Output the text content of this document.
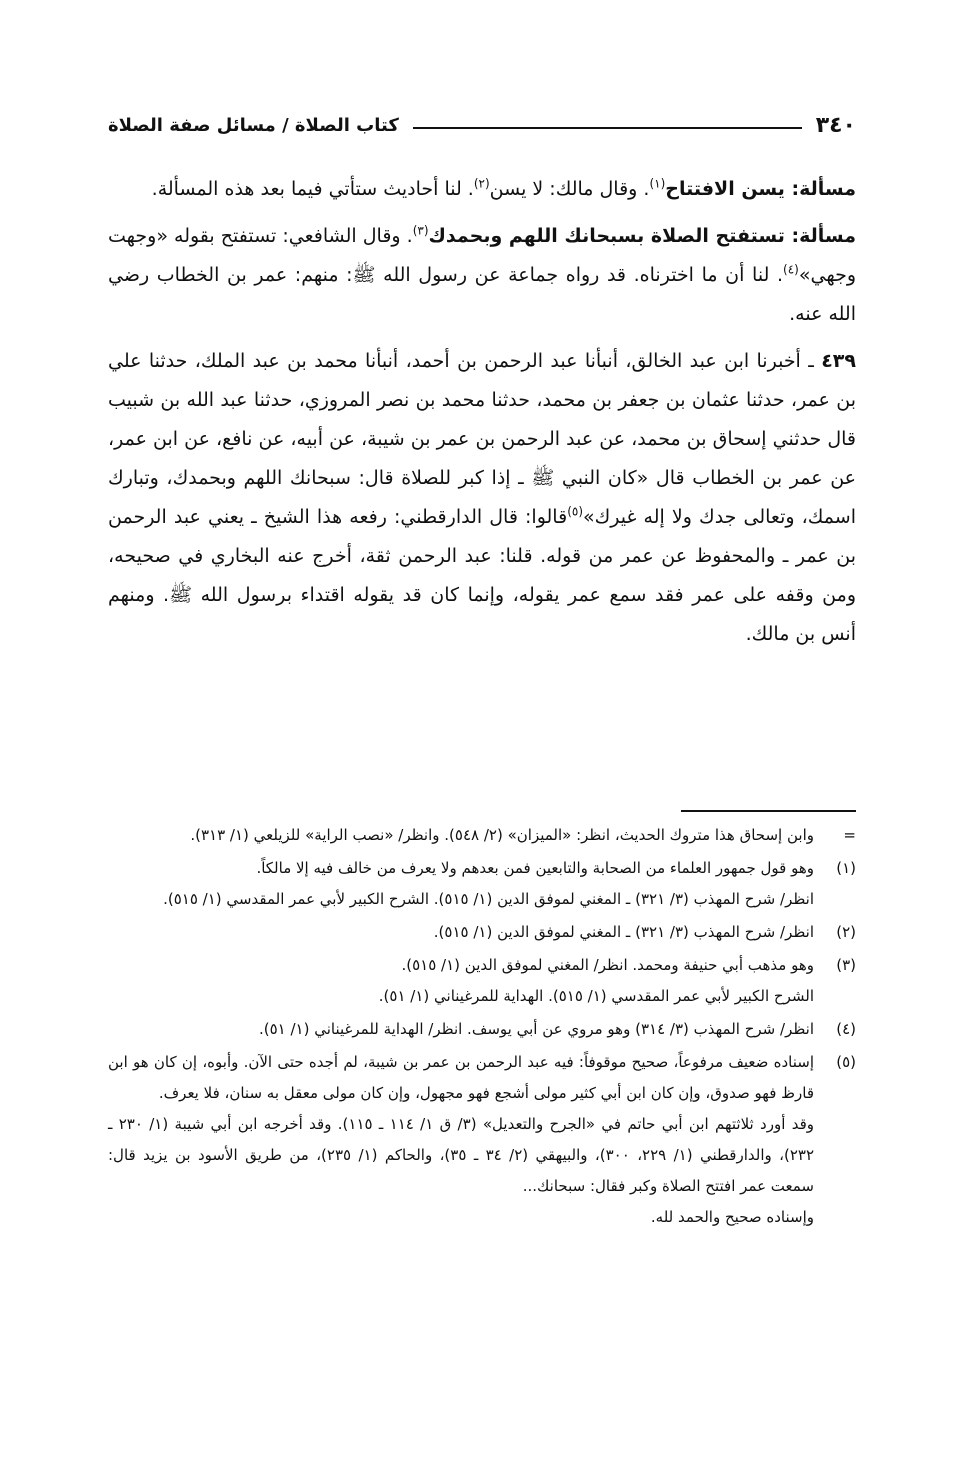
٣٤٠
كتاب الصلاة / مسائل صفة الصلاة

مسألة: يسن الافتتاح$^{(١)}$. وقال مالك: لا يسن$^{(٢)}$. لنا أحاديث ستأتي فيما بعد هذه المسألة.

مسألة: تستفتح الصلاة بسبحانك اللهم وبحمدك$^{(٣)}$. وقال الشافعي: تستفتح بقوله «وجهت وجهي»$^{(٤)}$. لنا أن ما اخترناه. قد رواه جماعة عن رسول الله ﷺ: منهم: عمر بن الخطاب رضي الله عنه.

٤٣٩ ـ أخبرنا ابن عبد الخالق، أنبأنا عبد الرحمن بن أحمد، أنبأنا محمد بن عبد الملك، حدثنا علي بن عمر، حدثنا عثمان بن جعفر بن محمد، حدثنا محمد بن نصر المروزي، حدثنا عبد الله بن شبيب قال حدثني إسحاق بن محمد، عن عبد الرحمن بن عمر بن شيبة، عن أبيه، عن نافع، عن ابن عمر، عن عمر بن الخطاب قال «كان النبي ﷺ ـ إذا كبر للصلاة قال: سبحانك اللهم وبحمدك، وتبارك اسمك، وتعالى جدك ولا إله غيرك»$^{(٥)}$قالوا: قال الدارقطني: رفعه هذا الشيخ ـ يعني عبد الرحمن بن عمر ـ والمحفوظ عن عمر من قوله. قلنا: عبد الرحمن ثقة، أخرج عنه البخاري في صحيحه، ومن وقفه على عمر فقد سمع عمر يقوله، وإنما كان قد يقوله اقتداء برسول الله ﷺ. ومنهم أنس بن مالك.

=

وابن إسحاق هذا متروك الحديث، انظر: «الميزان» (٢/ ٥٤٨). وانظر/ «نصب الراية» للزيلعي (١/ ٣١٣).

(١)

وهو قول جمهور العلماء من الصحابة والتابعين فمن بعدهم ولا يعرف من خالف فيه إلا مالكاً.

انظر/ شرح المهذب (٣/ ٣٢١) ـ المغني لموفق الدين (١/ ٥١٥). الشرح الكبير لأبي عمر المقدسي (١/ ٥١٥).

(٢)

انظر/ شرح المهذب (٣/ ٣٢١) ـ المغني لموفق الدين (١/ ٥١٥).

(٣)

وهو مذهب أبي حنيفة ومحمد. انظر/ المغني لموفق الدين (١/ ٥١٥).

الشرح الكبير لأبي عمر المقدسي (١/ ٥١٥). الهداية للمرغيناني (١/ ٥١).

(٤)

انظر/ شرح المهذب (٣/ ٣١٤) وهو مروي عن أبي يوسف. انظر/ الهداية للمرغيناني (١/ ٥١).

(٥)

إسناده ضعيف مرفوعاً، صحيح موقوفاً: فيه عبد الرحمن بن عمر بن شيبة، لم أجده حتى الآن. وأبوه، إن كان هو ابن قارظ فهو صدوق، وإن كان ابن أبي كثير مولى أشجع فهو مجهول، وإن كان مولى معقل به سنان، فلا يعرف.

وقد أورد ثلاثتهم ابن أبي حاتم في «الجرح والتعديل» (٣/ ق ١/ ١١٤ ـ ١١٥). وقد أخرجه ابن أبي شيبة (١/ ٢٣٠ ـ ٢٣٢)، والدارقطني (١/ ٢٢٩، ٣٠٠)، والبيهقي (٢/ ٣٤ ـ ٣٥)، والحاكم (١/ ٢٣٥)، من طريق الأسود بن يزيد قال: سمعت عمر افتتح الصلاة وكبر فقال: سبحانك...

وإسناده صحيح والحمد لله.
